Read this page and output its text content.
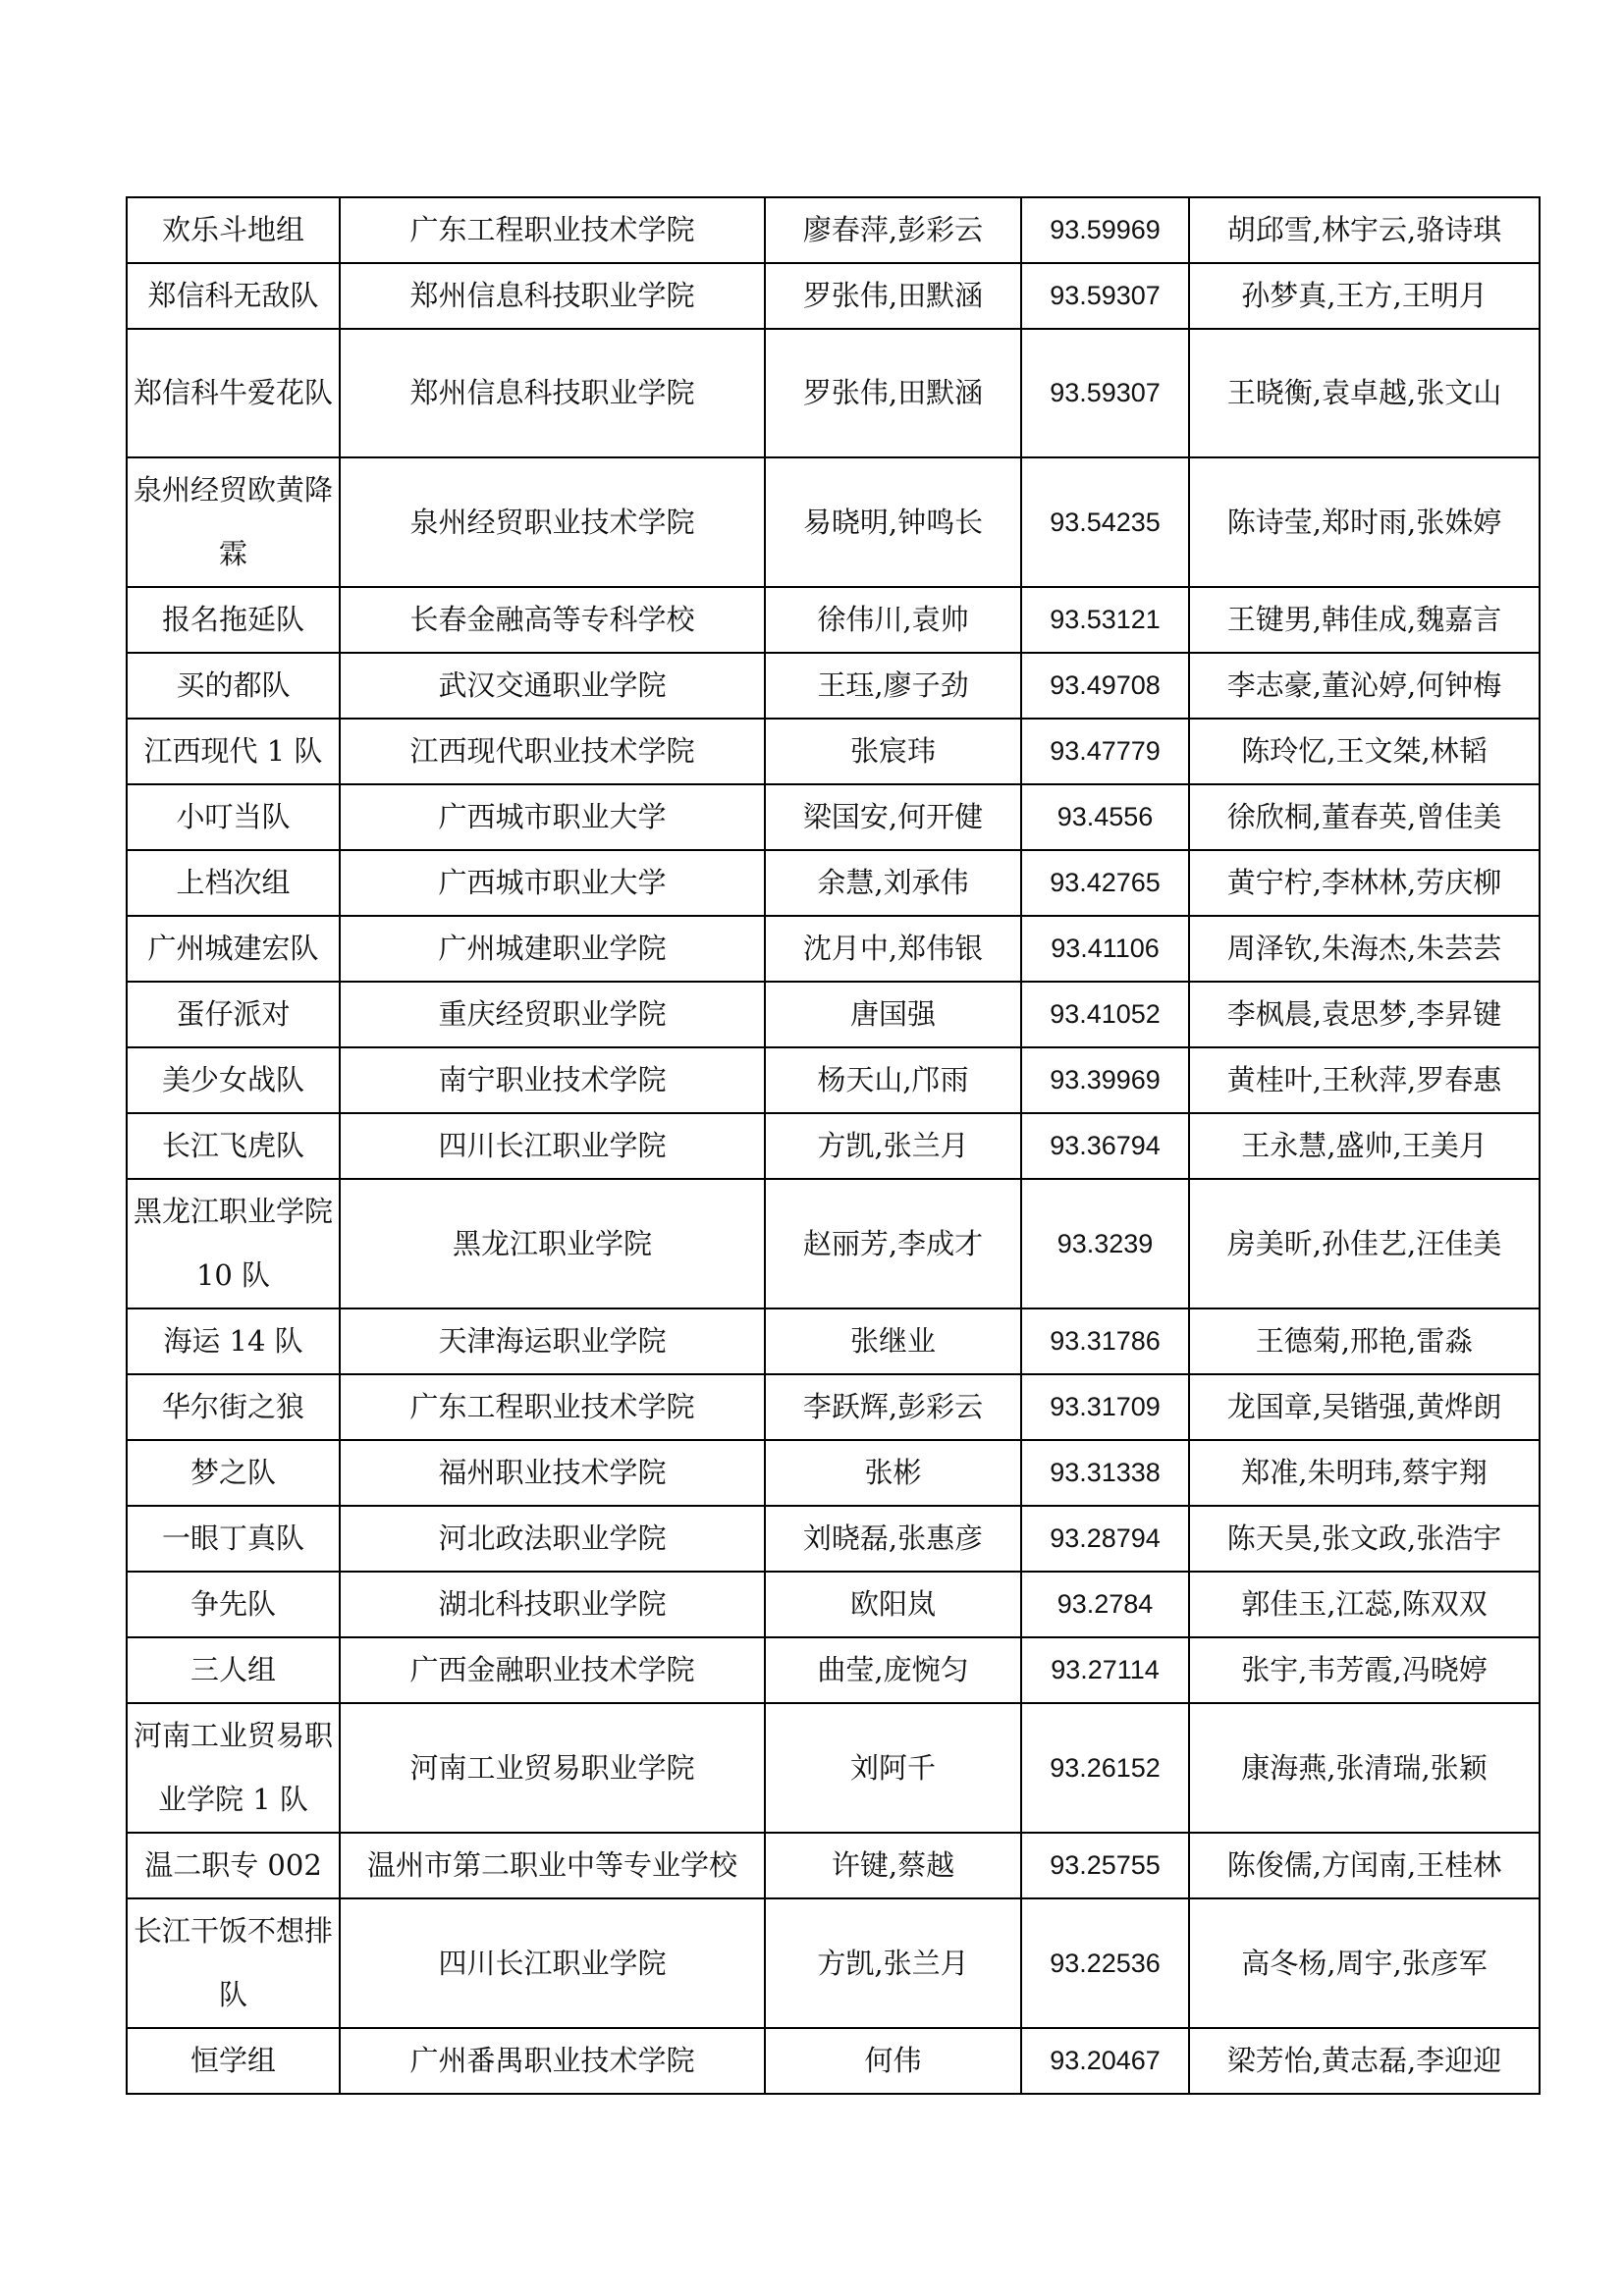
欢乐斗地组	广东工程职业技术学院	廖春萍,彭彩云	93.59969	胡邱雪,林宇云,骆诗琪
郑信科无敌队	郑州信息科技职业学院	罗张伟,田默涵	93.59307	孙梦真,王方,王明月
郑信科牛爱花队	郑州信息科技职业学院	罗张伟,田默涵	93.59307	王晓衡,袁卓越,张文山
泉州经贸欧黄降霖	泉州经贸职业技术学院	易晓明,钟鸣长	93.54235	陈诗莹,郑时雨,张姝婷
报名拖延队	长春金融高等专科学校	徐伟川,袁帅	93.53121	王键男,韩佳成,魏嘉言
买的都队	武汉交通职业学院	王珏,廖子劲	93.49708	李志豪,董沁婷,何钟梅
江西现代 1 队	江西现代职业技术学院	张宸玮	93.47779	陈玲忆,王文桀,林韬
小叮当队	广西城市职业大学	梁国安,何开健	93.4556	徐欣桐,董春英,曾佳美
上档次组	广西城市职业大学	余慧,刘承伟	93.42765	黄宁柠,李林林,劳庆柳
广州城建宏队	广州城建职业学院	沈月中,郑伟银	93.41106	周泽钦,朱海杰,朱芸芸
蛋仔派对	重庆经贸职业学院	唐国强	93.41052	李枫晨,袁思梦,李昇键
美少女战队	南宁职业技术学院	杨天山,邝雨	93.39969	黄桂叶,王秋萍,罗春惠
长江飞虎队	四川长江职业学院	方凯,张兰月	93.36794	王永慧,盛帅,王美月
黑龙江职业学院 10 队	黑龙江职业学院	赵丽芳,李成才	93.3239	房美昕,孙佳艺,汪佳美
海运 14 队	天津海运职业学院	张继业	93.31786	王德菊,邢艳,雷淼
华尔街之狼	广东工程职业技术学院	李跃辉,彭彩云	93.31709	龙国章,吴锴强,黄烨朗
梦之队	福州职业技术学院	张彬	93.31338	郑准,朱明玮,蔡宇翔
一眼丁真队	河北政法职业学院	刘晓磊,张惠彦	93.28794	陈天昊,张文政,张浩宇
争先队	湖北科技职业学院	欧阳岚	93.2784	郭佳玉,江蕊,陈双双
三人组	广西金融职业技术学院	曲莹,庞惋匀	93.27114	张宇,韦芳霞,冯晓婷
河南工业贸易职业学院 1 队	河南工业贸易职业学院	刘阿千	93.26152	康海燕,张清瑞,张颖
温二职专 002	温州市第二职业中等专业学校	许键,蔡越	93.25755	陈俊儒,方闰南,王桂林
长江干饭不想排队	四川长江职业学院	方凯,张兰月	93.22536	高冬杨,周宇,张彦军
恒学组	广州番禺职业技术学院	何伟	93.20467	梁芳怡,黄志磊,李迎迎
